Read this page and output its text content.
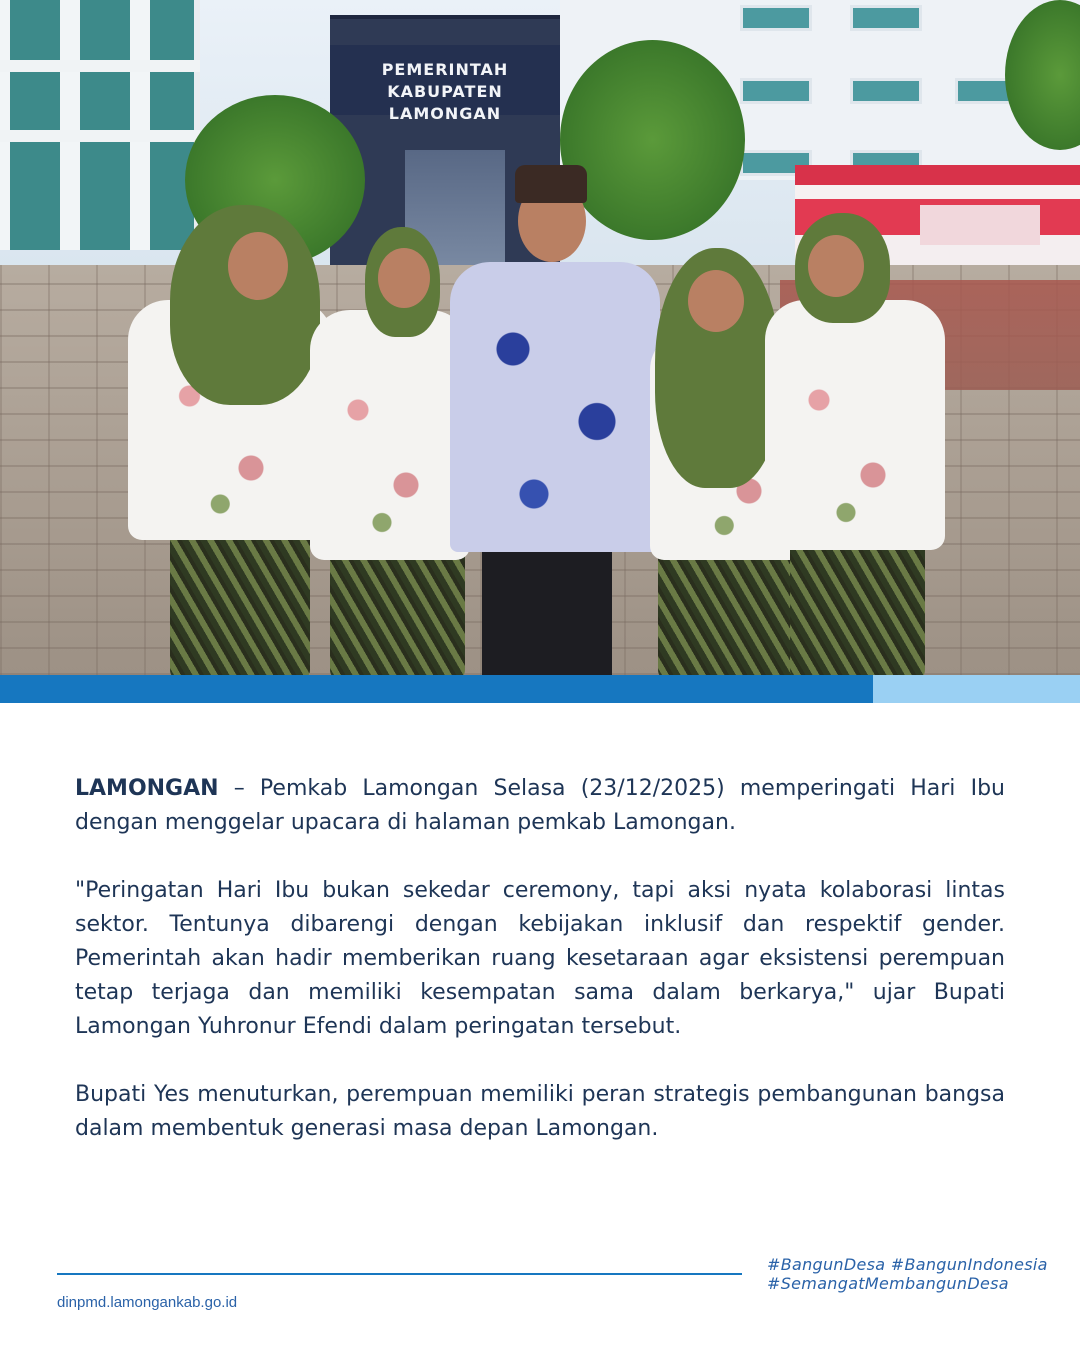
PEMERINTAH
KABUPATEN LAMONGAN

LAMONGAN – Pemkab Lamongan Selasa (23/12/2025) memperingati Hari Ibu dengan menggelar upacara di halaman pemkab Lamongan.

"Peringatan Hari Ibu bukan sekedar ceremony, tapi aksi nyata kolaborasi lintas sektor. Tentunya dibarengi dengan kebijakan inklusif dan respektif gender. Pemerintah akan hadir memberikan ruang kesetaraan agar eksistensi perempuan tetap terjaga dan memiliki kesempatan sama dalam berkarya," ujar Bupati Lamongan Yuhronur Efendi dalam peringatan tersebut.

Bupati Yes menuturkan, perempuan memiliki peran strategis pembangunan bangsa dalam membentuk generasi masa depan Lamongan.

dinpmd.lamongankab.go.id
#BangunDesa #BangunIndonesia
#SemangatMembangunDesa
